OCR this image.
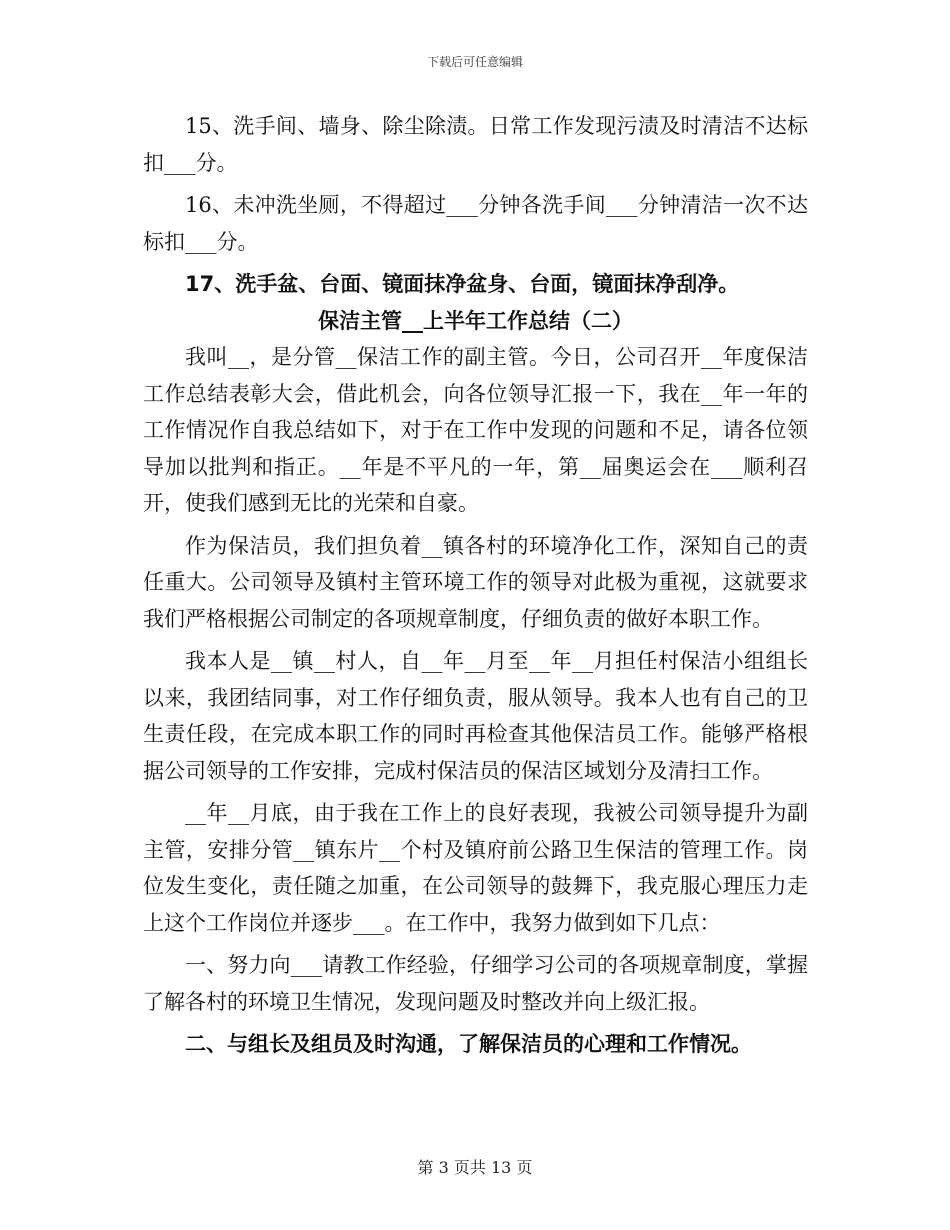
下载后可任意编辑

15、洗手间、墙身、除尘除渍。日常工作发现污渍及时清洁不达标扣___分。

16、未冲洗坐厕，不得超过___分钟各洗手间___分钟清洁一次不达标扣___分。

17、洗手盆、台面、镜面抹净盆身、台面，镜面抹净刮净。

保洁主管__上半年工作总结（二）

我叫__，是分管__保洁工作的副主管。今日，公司召开__年度保洁工作总结表彰大会，借此机会，向各位领导汇报一下，我在__年一年的工作情况作自我总结如下，对于在工作中发现的问题和不足，请各位领导加以批判和指正。__年是不平凡的一年，第__届奥运会在___顺利召开，使我们感到无比的光荣和自豪。

作为保洁员，我们担负着__镇各村的环境净化工作，深知自己的责任重大。公司领导及镇村主管环境工作的领导对此极为重视，这就要求我们严格根据公司制定的各项规章制度，仔细负责的做好本职工作。

我本人是__镇__村人，自__年__月至__年__月担任村保洁小组组长以来，我团结同事，对工作仔细负责，服从领导。我本人也有自己的卫生责任段，在完成本职工作的同时再检查其他保洁员工作。能够严格根据公司领导的工作安排，完成村保洁员的保洁区域划分及清扫工作。

__年__月底，由于我在工作上的良好表现，我被公司领导提升为副主管，安排分管__镇东片__个村及镇府前公路卫生保洁的管理工作。岗位发生变化，责任随之加重，在公司领导的鼓舞下，我克服心理压力走上这个工作岗位并逐步___。在工作中，我努力做到如下几点：

一、努力向___请教工作经验，仔细学习公司的各项规章制度，掌握了解各村的环境卫生情况，发现问题及时整改并向上级汇报。

二、与组长及组员及时沟通，了解保洁员的心理和工作情况。

第 3 页共 13 页
